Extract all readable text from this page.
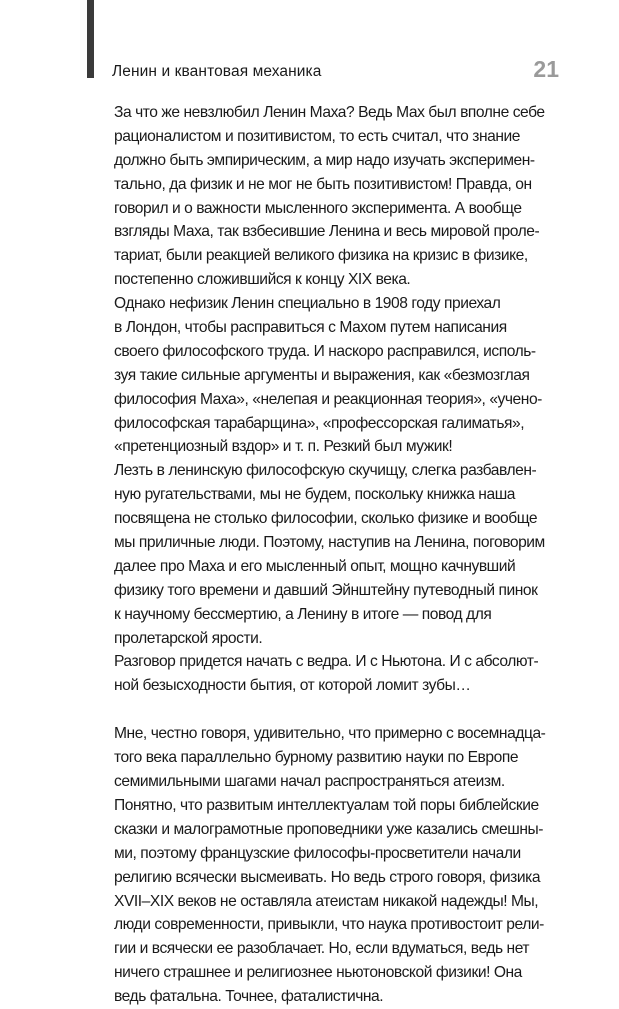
Ленин и квантовая механика	21
За что же невзлюбил Ленин Маха? Ведь Мах был вполне себе
рационалистом и позитивистом, то есть считал, что знание
должно быть эмпирическим, а мир надо изучать эксперимен-
тально, да физик и не мог не быть позитивистом! Правда, он
говорил и о важности мысленного эксперимента. А вообще
взгляды Маха, так взбесившие Ленина и весь мировой проле-
тариат, были реакцией великого физика на кризис в физике,
постепенно сложившийся к концу XIX века.
Однако нефизик Ленин специально в 1908 году приехал
в Лондон, чтобы расправиться с Махом путем написания
своего философского труда. И наскоро расправился, исполь-
зуя такие сильные аргументы и выражения, как «безмозглая
философия Маха», «нелепая и реакционная теория», «учено-
философская тарабарщина», «профессорская галиматья»,
«претенциозный вздор» и т. п. Резкий был мужик!
Лезть в ленинскую философскую скучищу, слегка разбавлен-
ную ругательствами, мы не будем, поскольку книжка наша
посвящена не столько философии, сколько физике и вообще
мы приличные люди. Поэтому, наступив на Ленина, поговорим
далее про Маха и его мысленный опыт, мощно качнувший
физику того времени и давший Эйнштейну путеводный пинок
к научному бессмертию, а Ленину в итоге — повод для
пролетарской ярости.
Разговор придется начать с ведра. И с Ньютона. И с абсолют-
ной безысходности бытия, от которой ломит зубы…
Мне, честно говоря, удивительно, что примерно с восемнадца-
того века параллельно бурному развитию науки по Европе
семимильными шагами начал распространяться атеизм.
Понятно, что развитым интеллектуалам той поры библейские
сказки и малограмотные проповедники уже казались смешны-
ми, поэтому французские философы-просветители начали
религию всячески высмеивать. Но ведь строго говоря, физика
XVII–XIX веков не оставляла атеистам никакой надежды! Мы,
люди современности, привыкли, что наука противостоит рели-
гии и всячески ее разоблачает. Но, если вдуматься, ведь нет
ничего страшнее и религиознее ньютоновской физики! Она
ведь фатальна. Точнее, фаталистична.
